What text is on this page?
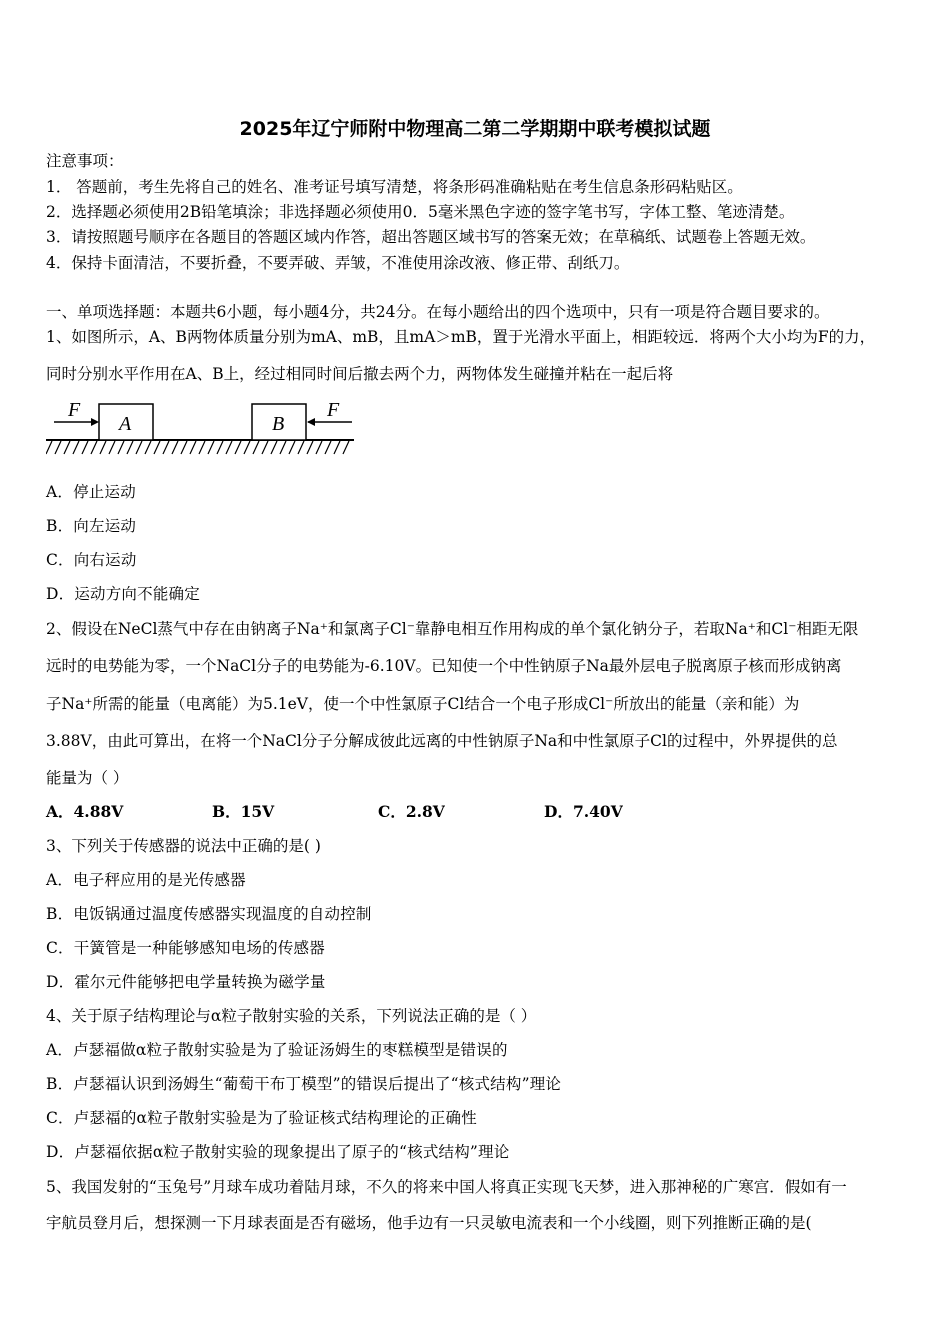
2025年辽宁师附中物理高二第二学期期中联考模拟试题
注意事项：
1． 答题前，考生先将自己的姓名、准考证号填写清楚，将条形码准确粘贴在考生信息条形码粘贴区。
2．选择题必须使用2B铅笔填涂；非选择题必须使用0．5毫米黑色字迹的签字笔书写，字体工整、笔迹清楚。
3．请按照题号顺序在各题目的答题区域内作答，超出答题区域书写的答案无效；在草稿纸、试题卷上答题无效。
4．保持卡面清洁，不要折叠，不要弄破、弄皱，不准使用涂改液、修正带、刮纸刀。
一、单项选择题：本题共6小题，每小题4分，共24分。在每小题给出的四个选项中，只有一项是符合题目要求的。
1、如图所示，A、B两物体质量分别为mA、mB，且mA＞mB，置于光滑水平面上，相距较远．将两个大小均为F的力，
同时分别水平作用在A、B上，经过相同时间后撤去两个力，两物体发生碰撞并粘在一起后将
F	F
A	B
A．停止运动
B．向左运动
C．向右运动
D．运动方向不能确定
2、假设在NeCl蒸气中存在由钠离子Na⁺和氯离子Cl⁻靠静电相互作用构成的单个氯化钠分子，若取Na⁺和Cl⁻相距无限
远时的电势能为零，一个NaCl分子的电势能为-6.10V。已知使一个中性钠原子Na最外层电子脱离原子核而形成钠离
子Na⁺所需的能量（电离能）为5.1eV，使一个中性氯原子Cl结合一个电子形成Cl⁻所放出的能量（亲和能）为
3.88V，由此可算出，在将一个NaCl分子分解成彼此远离的中性钠原子Na和中性氯原子Cl的过程中，外界提供的总
能量为（ ）
A．4.88V	B．15V	C．2.8V	D．7.40V
3、下列关于传感器的说法中正确的是( )
A．电子秤应用的是光传感器
B．电饭锅通过温度传感器实现温度的自动控制
C．干簧管是一种能够感知电场的传感器
D．霍尔元件能够把电学量转换为磁学量
4、关于原子结构理论与α粒子散射实验的关系，下列说法正确的是（ ）
A．卢瑟福做α粒子散射实验是为了验证汤姆生的枣糕模型是错误的
B．卢瑟福认识到汤姆生“葡萄干布丁模型”的错误后提出了“核式结构”理论
C．卢瑟福的α粒子散射实验是为了验证核式结构理论的正确性
D．卢瑟福依据α粒子散射实验的现象提出了原子的“核式结构”理论
5、我国发射的“玉兔号”月球车成功着陆月球，不久的将来中国人将真正实现飞天梦，进入那神秘的广寒宫．假如有一
宇航员登月后，想探测一下月球表面是否有磁场，他手边有一只灵敏电流表和一个小线圈，则下列推断正确的是(
